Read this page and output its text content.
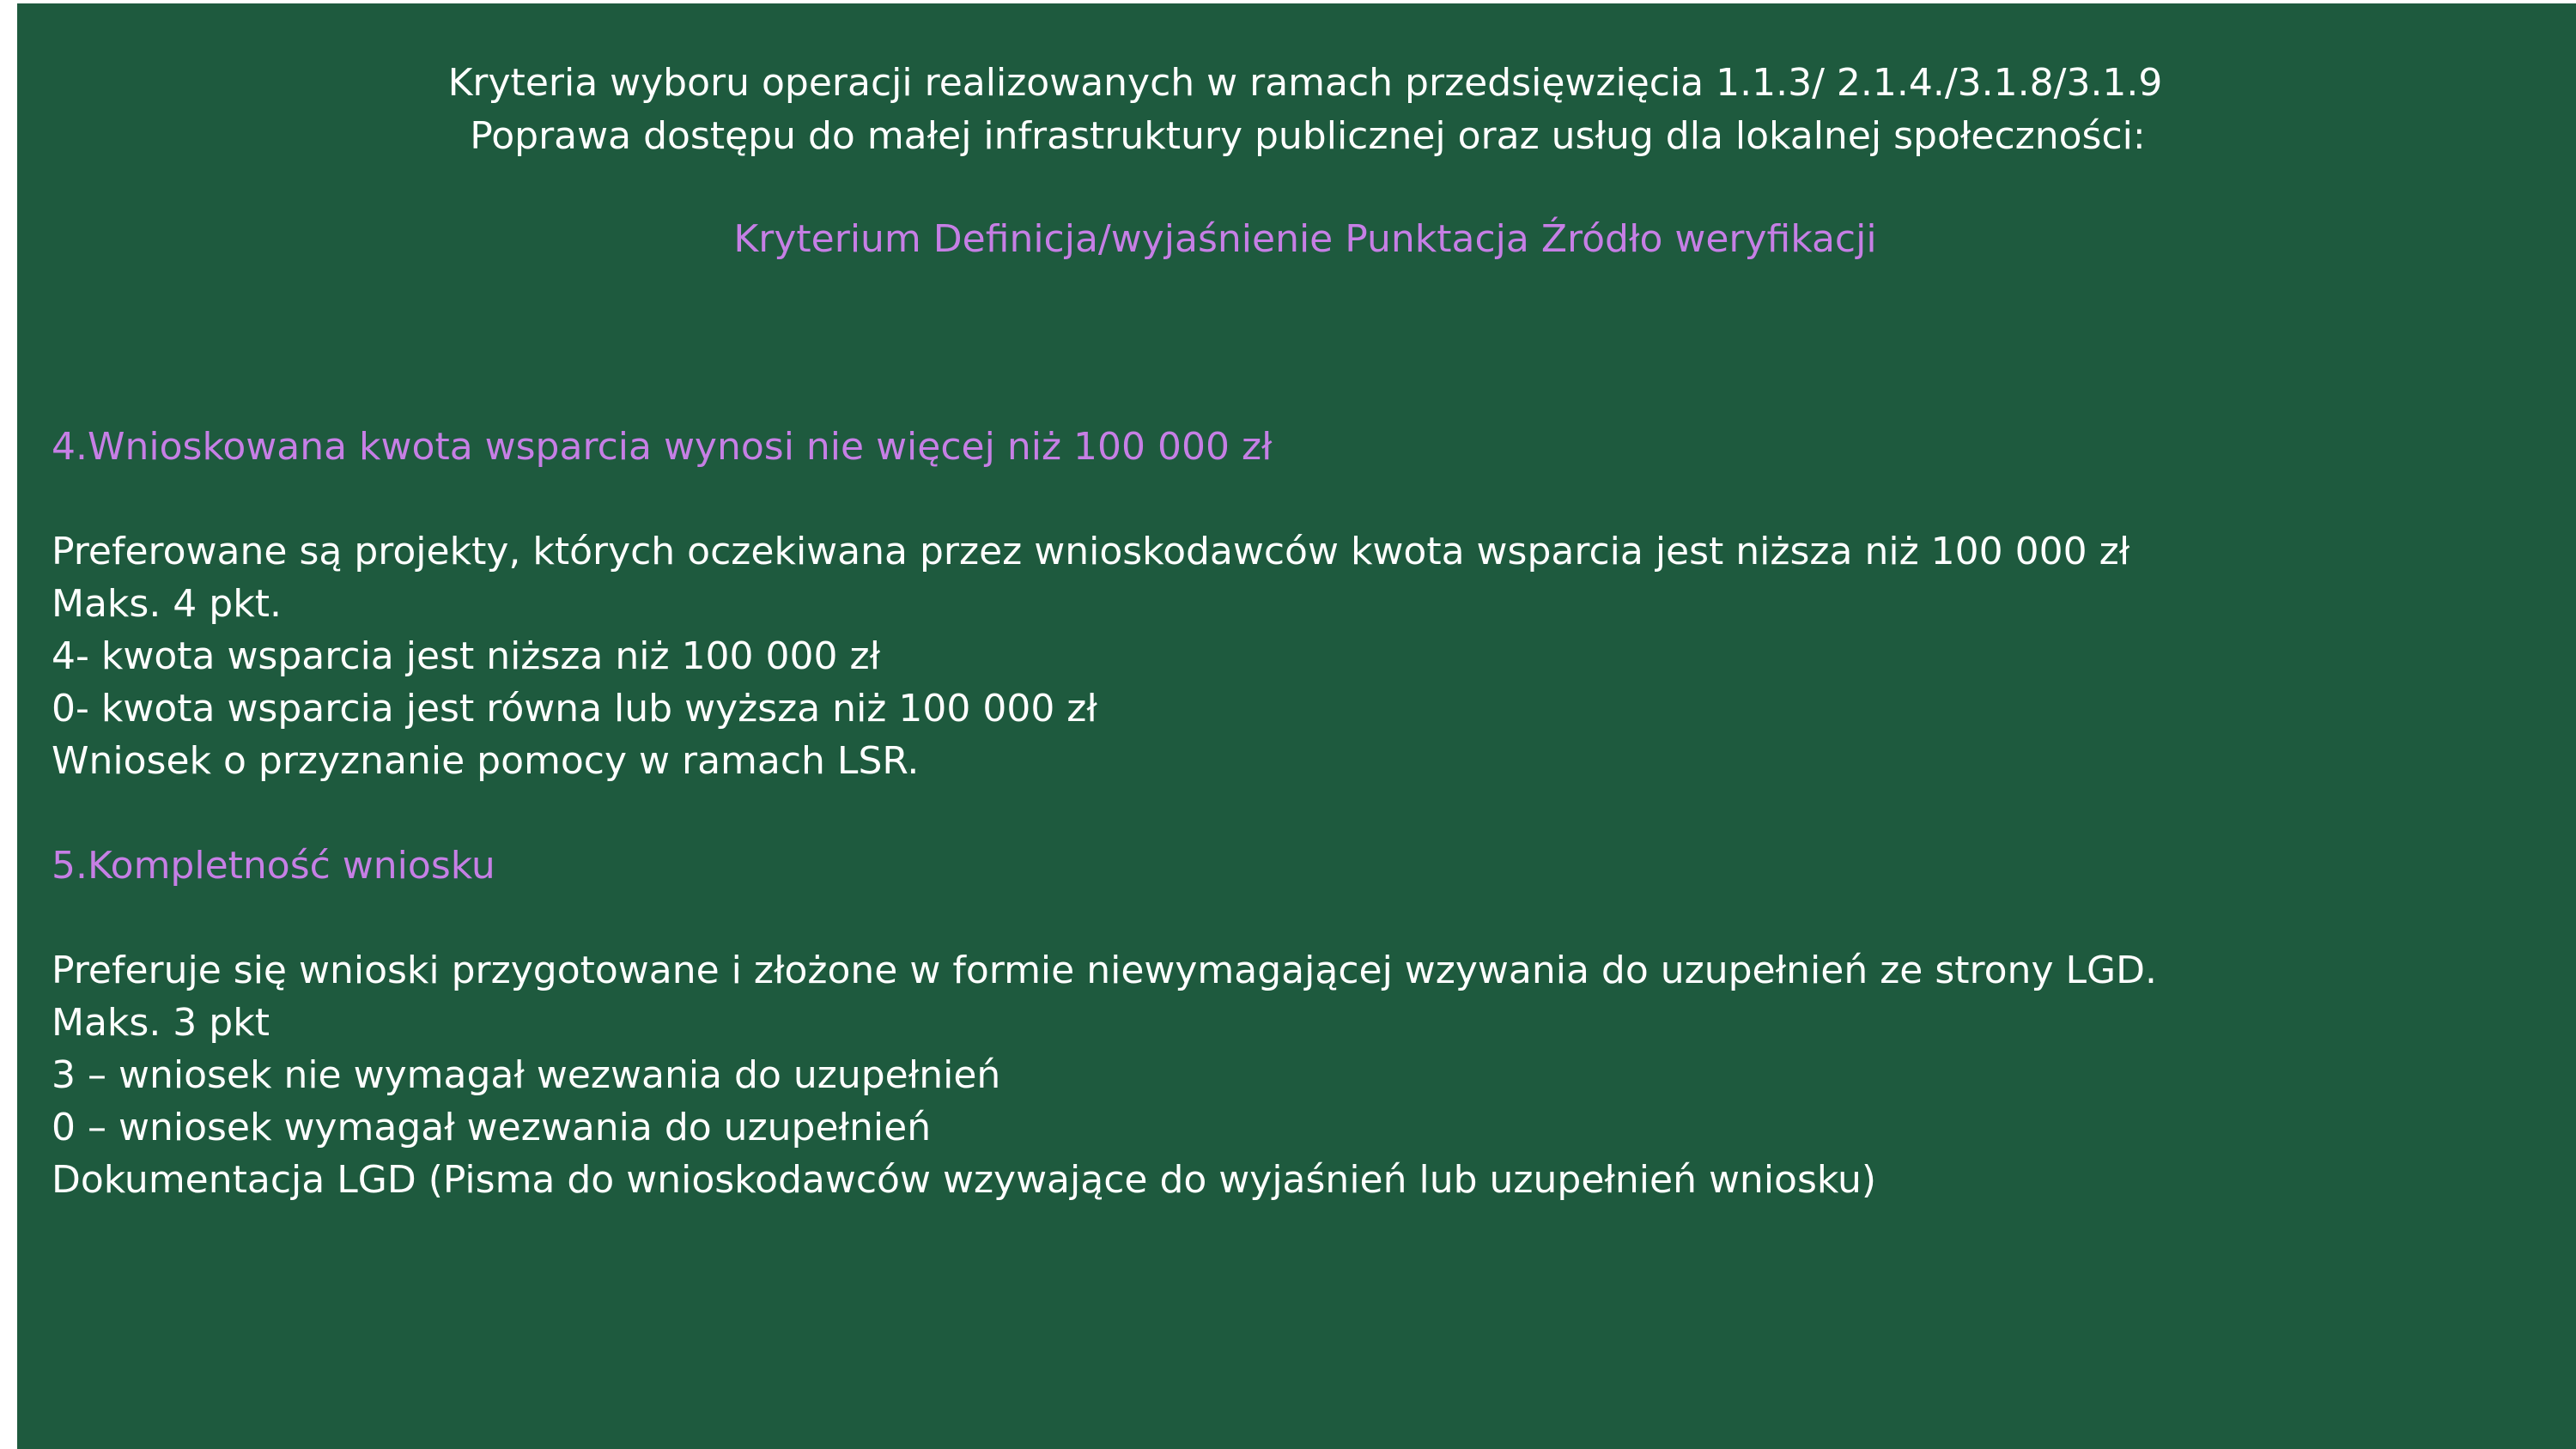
Kryteria wyboru operacji realizowanych w ramach przedsięwzięcia 1.1.3/ 2.1.4./3.1.8/3.1.9
Poprawa dostępu do małej infrastruktury publicznej oraz usług dla lokalnej społeczności:
Kryterium Definicja/wyjaśnienie Punktacja Źródło weryfikacji
4.Wnioskowana kwota wsparcia wynosi nie więcej niż 100 000 zł
Preferowane są projekty, których oczekiwana przez wnioskodawców kwota wsparcia jest niższa niż 100 000 zł
Maks. 4 pkt.
4- kwota wsparcia jest niższa niż 100 000 zł
0- kwota wsparcia jest równa lub wyższa niż 100 000 zł
Wniosek o przyznanie pomocy w ramach LSR.
5.Kompletność wniosku
Preferuje się wnioski przygotowane i złożone w formie niewymagającej wzywania do uzupełnień ze strony LGD.
Maks. 3 pkt
3 – wniosek nie wymagał wezwania do uzupełnień
0 – wniosek wymagał wezwania do uzupełnień
Dokumentacja LGD (Pisma do wnioskodawców wzywające do wyjaśnień lub uzupełnień wniosku)
